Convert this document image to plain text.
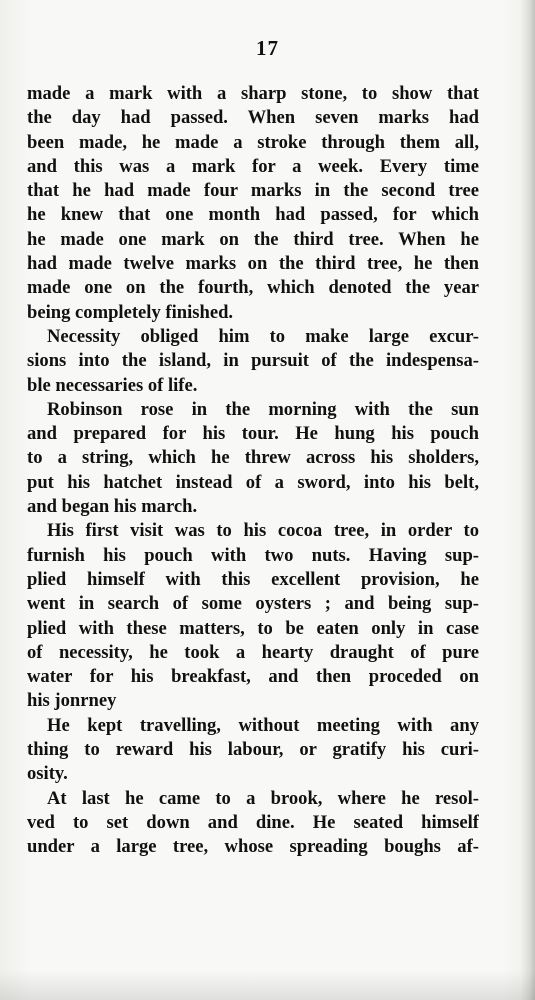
17
made a mark with a sharp stone, to show that
the day had passed. When seven marks had
been made, he made a stroke through them all,
and this was a mark for a week. Every time
that he had made four marks in the second tree
he knew that one month had passed, for which
he made one mark on the third tree. When he
had made twelve marks on the third tree, he then
made one on the fourth, which denoted the year
being completely finished.
Necessity obliged him to make large excur-
sions into the island, in pursuit of the indespensa-
ble necessaries of life.
Robinson rose in the morning with the sun
and prepared for his tour. He hung his pouch
to a string, which he threw across his sholders,
put his hatchet instead of a sword, into his belt,
and began his march.
His first visit was to his cocoa tree, in order to
furnish his pouch with two nuts. Having sup-
plied himself with this excellent provision, he
went in search of some oysters ; and being sup-
plied with these matters, to be eaten only in case
of necessity, he took a hearty draught of pure
water for his breakfast, and then proceded on
his jonrney
He kept travelling, without meeting with any
thing to reward his labour, or gratify his curi-
osity.
At last he came to a brook, where he resol-
ved to set down and dine. He seated himself
under a large tree, whose spreading boughs af-
